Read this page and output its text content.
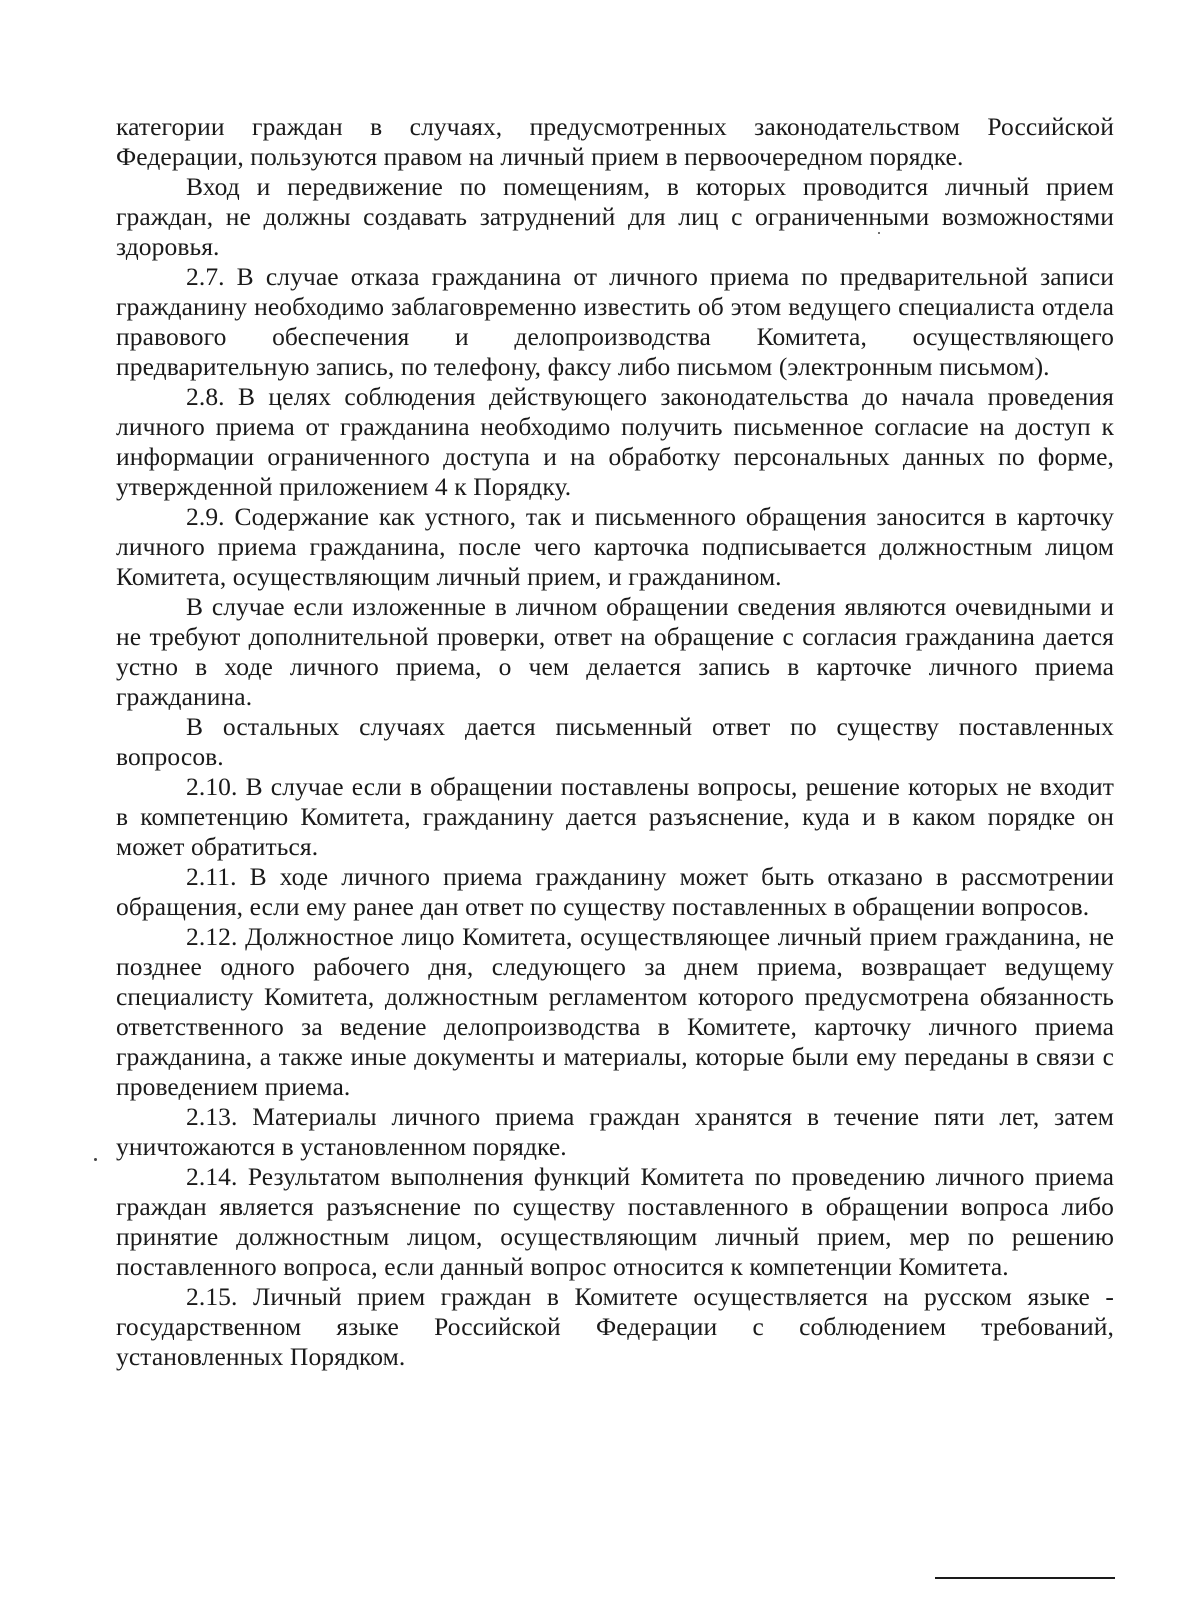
категории граждан в случаях, предусмотренных законодательством Российской Федерации, пользуются правом на личный прием в первоочередном порядке.

Вход и передвижение по помещениям, в которых проводится личный прием граждан, не должны создавать затруднений для лиц с ограниченными возможностями здоровья.

2.7. В случае отказа гражданина от личного приема по предварительной записи гражданину необходимо заблаговременно известить об этом ведущего специалиста отдела правового обеспечения и делопроизводства Комитета, осуществляющего предварительную запись, по телефону, факсу либо письмом (электронным письмом).

2.8. В целях соблюдения действующего законодательства до начала проведения личного приема от гражданина необходимо получить письменное согласие на доступ к информации ограниченного доступа и на обработку персональных данных по форме, утвержденной приложением 4 к Порядку.

2.9. Содержание как устного, так и письменного обращения заносится в карточку личного приема гражданина, после чего карточка подписывается должностным лицом Комитета, осуществляющим личный прием, и гражданином.

В случае если изложенные в личном обращении сведения являются очевидными и не требуют дополнительной проверки, ответ на обращение с согласия гражданина дается устно в ходе личного приема, о чем делается запись в карточке личного приема гражданина.

В остальных случаях дается письменный ответ по существу поставленных вопросов.

2.10. В случае если в обращении поставлены вопросы, решение которых не входит в компетенцию Комитета, гражданину дается разъяснение, куда и в каком порядке он может обратиться.

2.11. В ходе личного приема гражданину может быть отказано в рассмотрении обращения, если ему ранее дан ответ по существу поставленных в обращении вопросов.

2.12. Должностное лицо Комитета, осуществляющее личный прием гражданина, не позднее одного рабочего дня, следующего за днем приема, возвращает ведущему специалисту Комитета, должностным регламентом которого предусмотрена обязанность ответственного за ведение делопроизводства в Комитете, карточку личного приема гражданина, а также иные документы и материалы, которые были ему переданы в связи с проведением приема.

2.13. Материалы личного приема граждан хранятся в течение пяти лет, затем уничтожаются в установленном порядке.

2.14. Результатом выполнения функций Комитета по проведению личного приема граждан является разъяснение по существу поставленного в обращении вопроса либо принятие должностным лицом, осуществляющим личный прием, мер по решению поставленного вопроса, если данный вопрос относится к компетенции Комитета.

2.15. Личный прием граждан в Комитете осуществляется на русском языке - государственном языке Российской Федерации с соблюдением требований, установленных Порядком.
